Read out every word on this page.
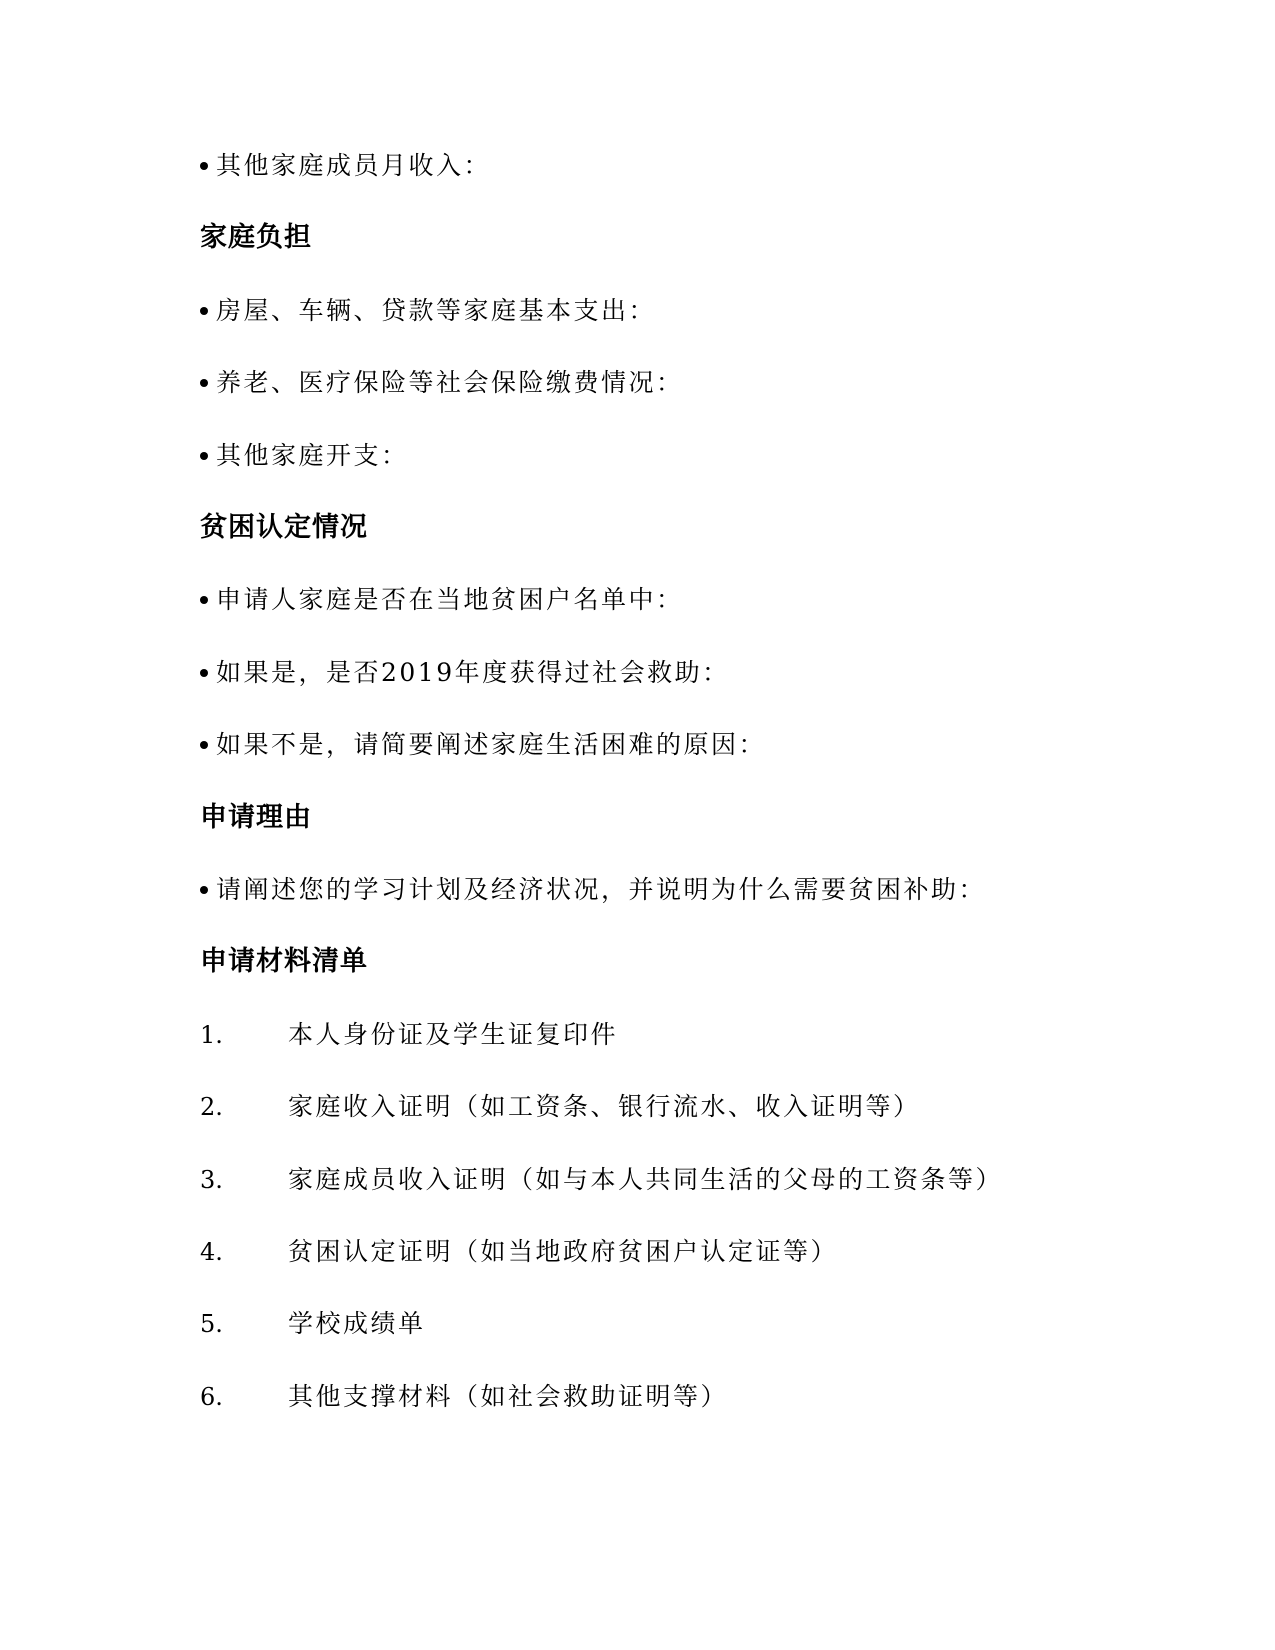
其他家庭成员月收入：
家庭负担
房屋、车辆、贷款等家庭基本支出：
养老、医疗保险等社会保险缴费情况：
其他家庭开支：
贫困认定情况
申请人家庭是否在当地贫困户名单中：
如果是，是否2019年度获得过社会救助：
如果不是，请简要阐述家庭生活困难的原因：
申请理由
请阐述您的学习计划及经济状况，并说明为什么需要贫困补助：
申请材料清单
1.	本人身份证及学生证复印件
2.	家庭收入证明（如工资条、银行流水、收入证明等）
3.	家庭成员收入证明（如与本人共同生活的父母的工资条等）
4.	贫困认定证明（如当地政府贫困户认定证等）
5.	学校成绩单
6.	其他支撑材料（如社会救助证明等）
